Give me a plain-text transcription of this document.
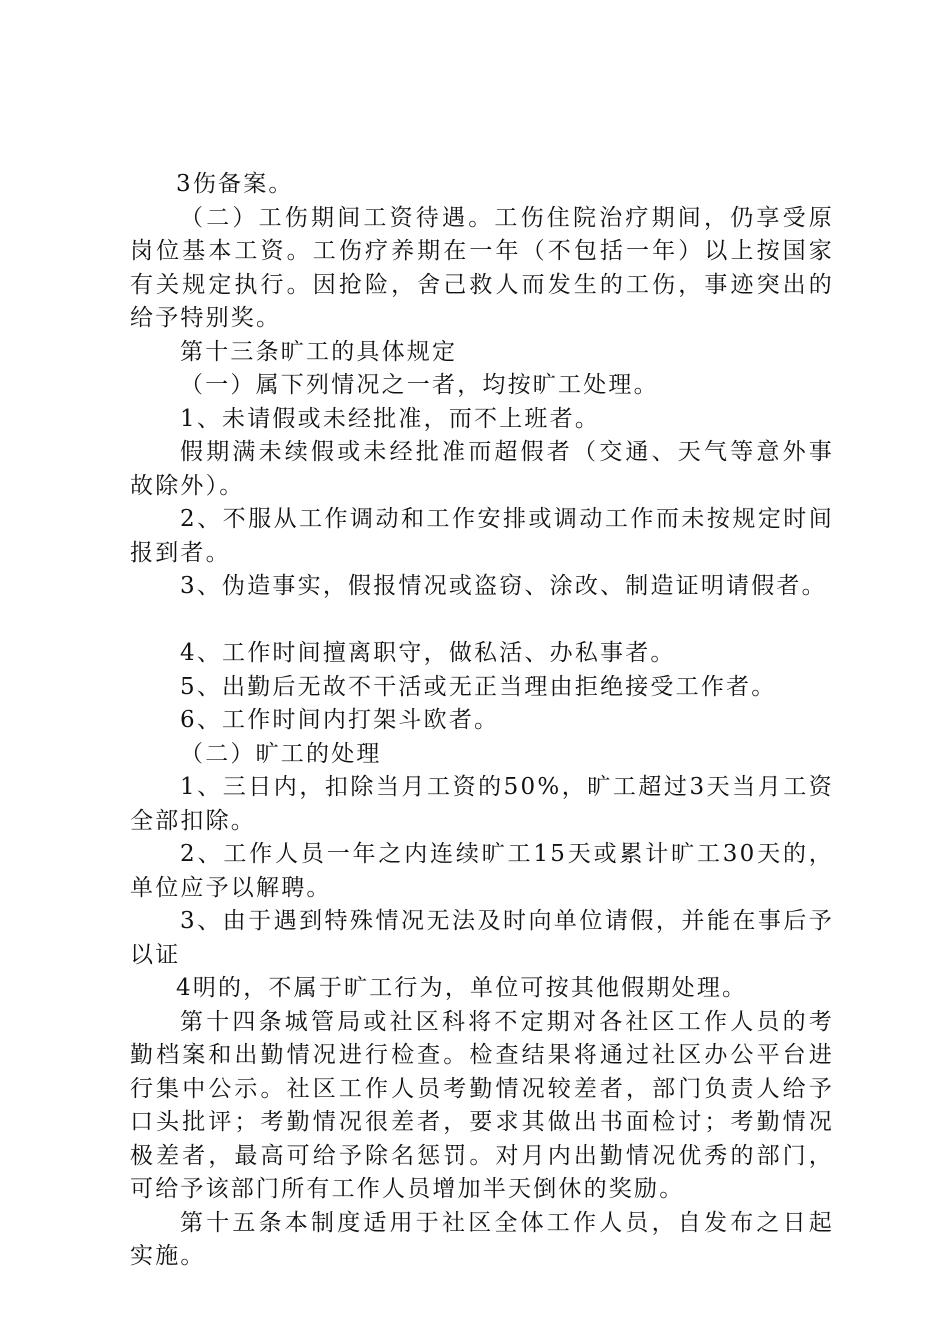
3伤备案。

（二）工伤期间工资待遇。工伤住院治疗期间，仍享受原岗位基本工资。工伤疗养期在一年（不包括一年）以上按国家有关规定执行。因抢险，舍己救人而发生的工伤，事迹突出的给予特别奖。

第十三条旷工的具体规定

（一）属下列情况之一者，均按旷工处理。

1、未请假或未经批准，而不上班者。

假期满未续假或未经批准而超假者（交通、天气等意外事故除外）。

2、不服从工作调动和工作安排或调动工作而未按规定时间报到者。

3、伪造事实，假报情况或盗窃、涂改、制造证明请假者。

4、工作时间擅离职守，做私活、办私事者。

5、出勤后无故不干活或无正当理由拒绝接受工作者。

6、工作时间内打架斗欧者。

（二）旷工的处理

1、三日内，扣除当月工资的50%，旷工超过3天当月工资全部扣除。

2、工作人员一年之内连续旷工15天或累计旷工30天的，单位应予以解聘。

3、由于遇到特殊情况无法及时向单位请假，并能在事后予以证

4明的，不属于旷工行为，单位可按其他假期处理。

第十四条城管局或社区科将不定期对各社区工作人员的考勤档案和出勤情况进行检查。检查结果将通过社区办公平台进行集中公示。社区工作人员考勤情况较差者，部门负责人给予口头批评；考勤情况很差者，要求其做出书面检讨；考勤情况极差者，最高可给予除名惩罚。对月内出勤情况优秀的部门，可给予该部门所有工作人员增加半天倒休的奖励。

第十五条本制度适用于社区全体工作人员，自发布之日起实施。
